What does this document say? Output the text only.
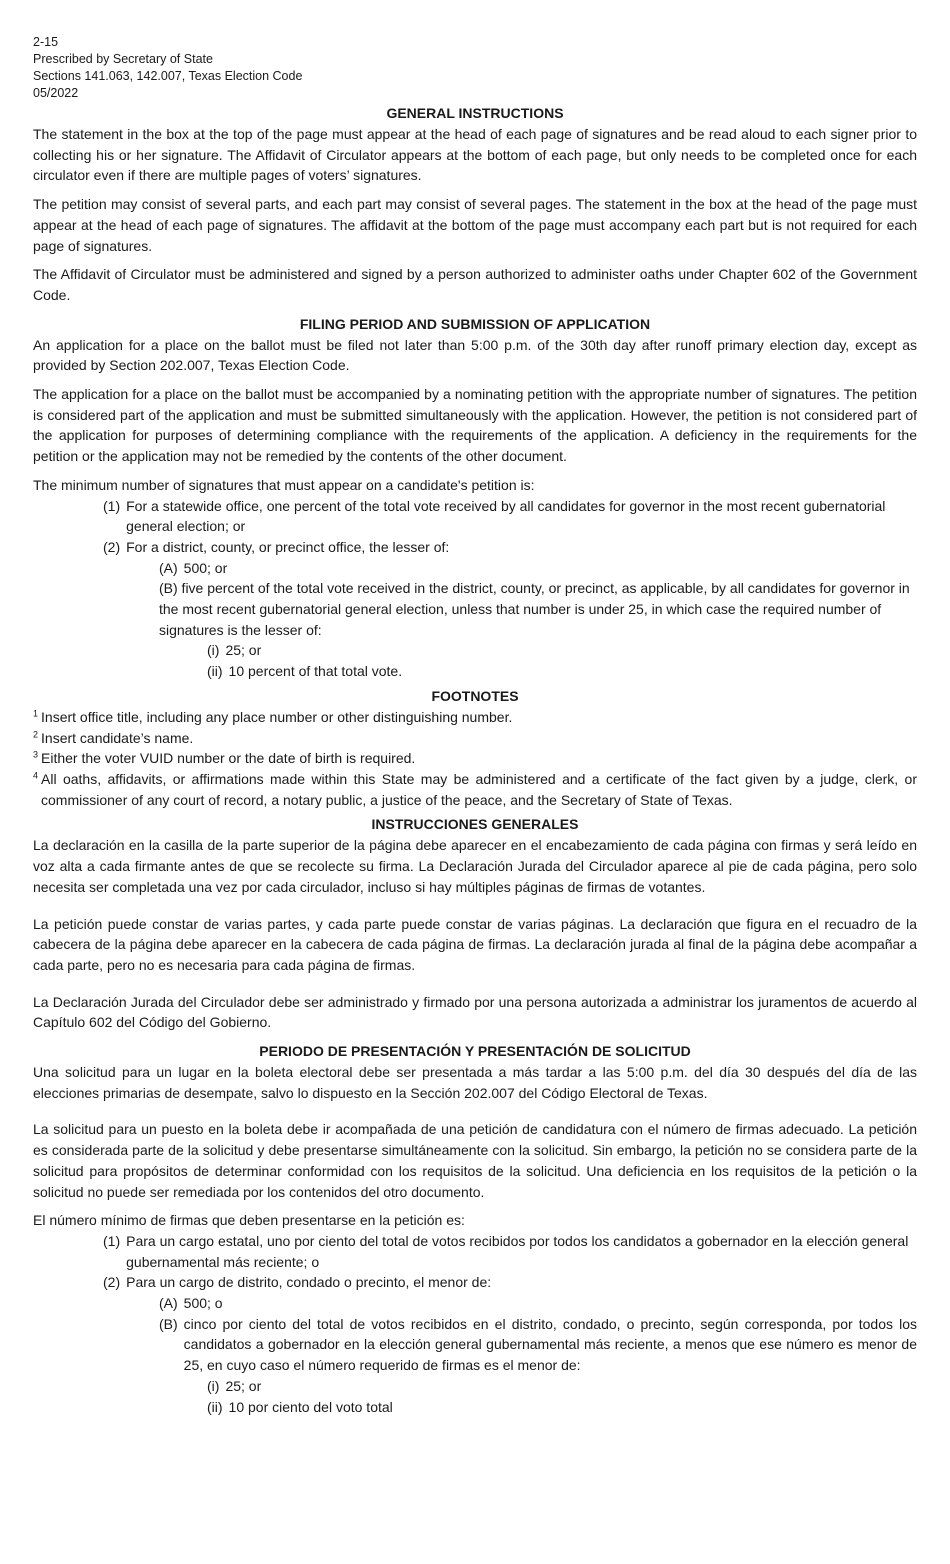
2-15
Prescribed by Secretary of State
Sections 141.063, 142.007, Texas Election Code
05/2022
GENERAL INSTRUCTIONS

The statement in the box at the top of the page must appear at the head of each page of signatures and be read aloud to each signer prior to collecting his or her signature. The Affidavit of Circulator appears at the bottom of each page, but only needs to be completed once for each circulator even if there are multiple pages of voters’ signatures.

The petition may consist of several parts, and each part may consist of several pages. The statement in the box at the head of the page must appear at the head of each page of signatures. The affidavit at the bottom of the page must accompany each part but is not required for each page of signatures.

The Affidavit of Circulator must be administered and signed by a person authorized to administer oaths under Chapter 602 of the Government Code.

FILING PERIOD AND SUBMISSION OF APPLICATION

An application for a place on the ballot must be filed not later than 5:00 p.m. of the 30th day after runoff primary election day, except as provided by Section 202.007, Texas Election Code.

The application for a place on the ballot must be accompanied by a nominating petition with the appropriate number of signatures. The petition is considered part of the application and must be submitted simultaneously with the application. However, the petition is not considered part of the application for purposes of determining compliance with the requirements of the application. A deficiency in the requirements for the petition or the application may not be remedied by the contents of the other document.

The minimum number of signatures that must appear on a candidate's petition is:
(1) For a statewide office, one percent of the total vote received by all candidates for governor in the most recent gubernatorial general election; or
(2) For a district, county, or precinct office, the lesser of:
(A) 500; or
(B) five percent of the total vote received in the district, county, or precinct, as applicable, by all candidates for governor in the most recent gubernatorial general election, unless that number is under 25, in which case the required number of signatures is the lesser of:
(i) 25; or
(ii) 10 percent of that total vote.
FOOTNOTES
$^1$ Insert office title, including any place number or other distinguishing number.
$^2$ Insert candidate’s name.
$^3$ Either the voter VUID number or the date of birth is required.
$^4$ All oaths, affidavits, or affirmations made within this State may be administered and a certificate of the fact given by a judge, clerk, or commissioner of any court of record, a notary public, a justice of the peace, and the Secretary of State of Texas.
INSTRUCCIONES GENERALES

La declaración en la casilla de la parte superior de la página debe aparecer en el encabezamiento de cada página con firmas y será leído en voz alta a cada firmante antes de que se recolecte su firma. La Declaración Jurada del Circulador aparece al pie de cada página, pero solo necesita ser completada una vez por cada circulador, incluso si hay múltiples páginas de firmas de votantes.

La petición puede constar de varias partes, y cada parte puede constar de varias páginas. La declaración que figura en el recuadro de la cabecera de la página debe aparecer en la cabecera de cada página de firmas. La declaración jurada al final de la página debe acompañar a cada parte, pero no es necesaria para cada página de firmas.

La Declaración Jurada del Circulador debe ser administrado y firmado por una persona autorizada a administrar los juramentos de acuerdo al Capítulo 602 del Código del Gobierno.

PERIODO DE PRESENTACIÓN Y PRESENTACIÓN DE SOLICITUD

Una solicitud para un lugar en la boleta electoral debe ser presentada a más tardar a las 5:00 p.m. del día 30 después del día de las elecciones primarias de desempate, salvo lo dispuesto en la Sección 202.007 del Código Electoral de Texas.

La solicitud para un puesto en la boleta debe ir acompañada de una petición de candidatura con el número de firmas adecuado. La petición es considerada parte de la solicitud y debe presentarse simultáneamente con la solicitud. Sin embargo, la petición no se considera parte de la solicitud para propósitos de determinar conformidad con los requisitos de la solicitud. Una deficiencia en los requisitos de la petición o la solicitud no puede ser remediada por los contenidos del otro documento.

El número mínimo de firmas que deben presentarse en la petición es:
(1) Para un cargo estatal, uno por ciento del total de votos recibidos por todos los candidatos a gobernador en la elección general gubernamental más reciente; o
(2) Para un cargo de distrito, condado o precinto, el menor de:
(A) 500; o
(B) cinco por ciento del total de votos recibidos en el distrito, condado, o precinto, según corresponda, por todos los candidatos a gobernador en la elección general gubernamental más reciente, a menos que ese número es menor de 25, en cuyo caso el número requerido de firmas es el menor de:
(i) 25; or
(ii) 10 por ciento del voto total
